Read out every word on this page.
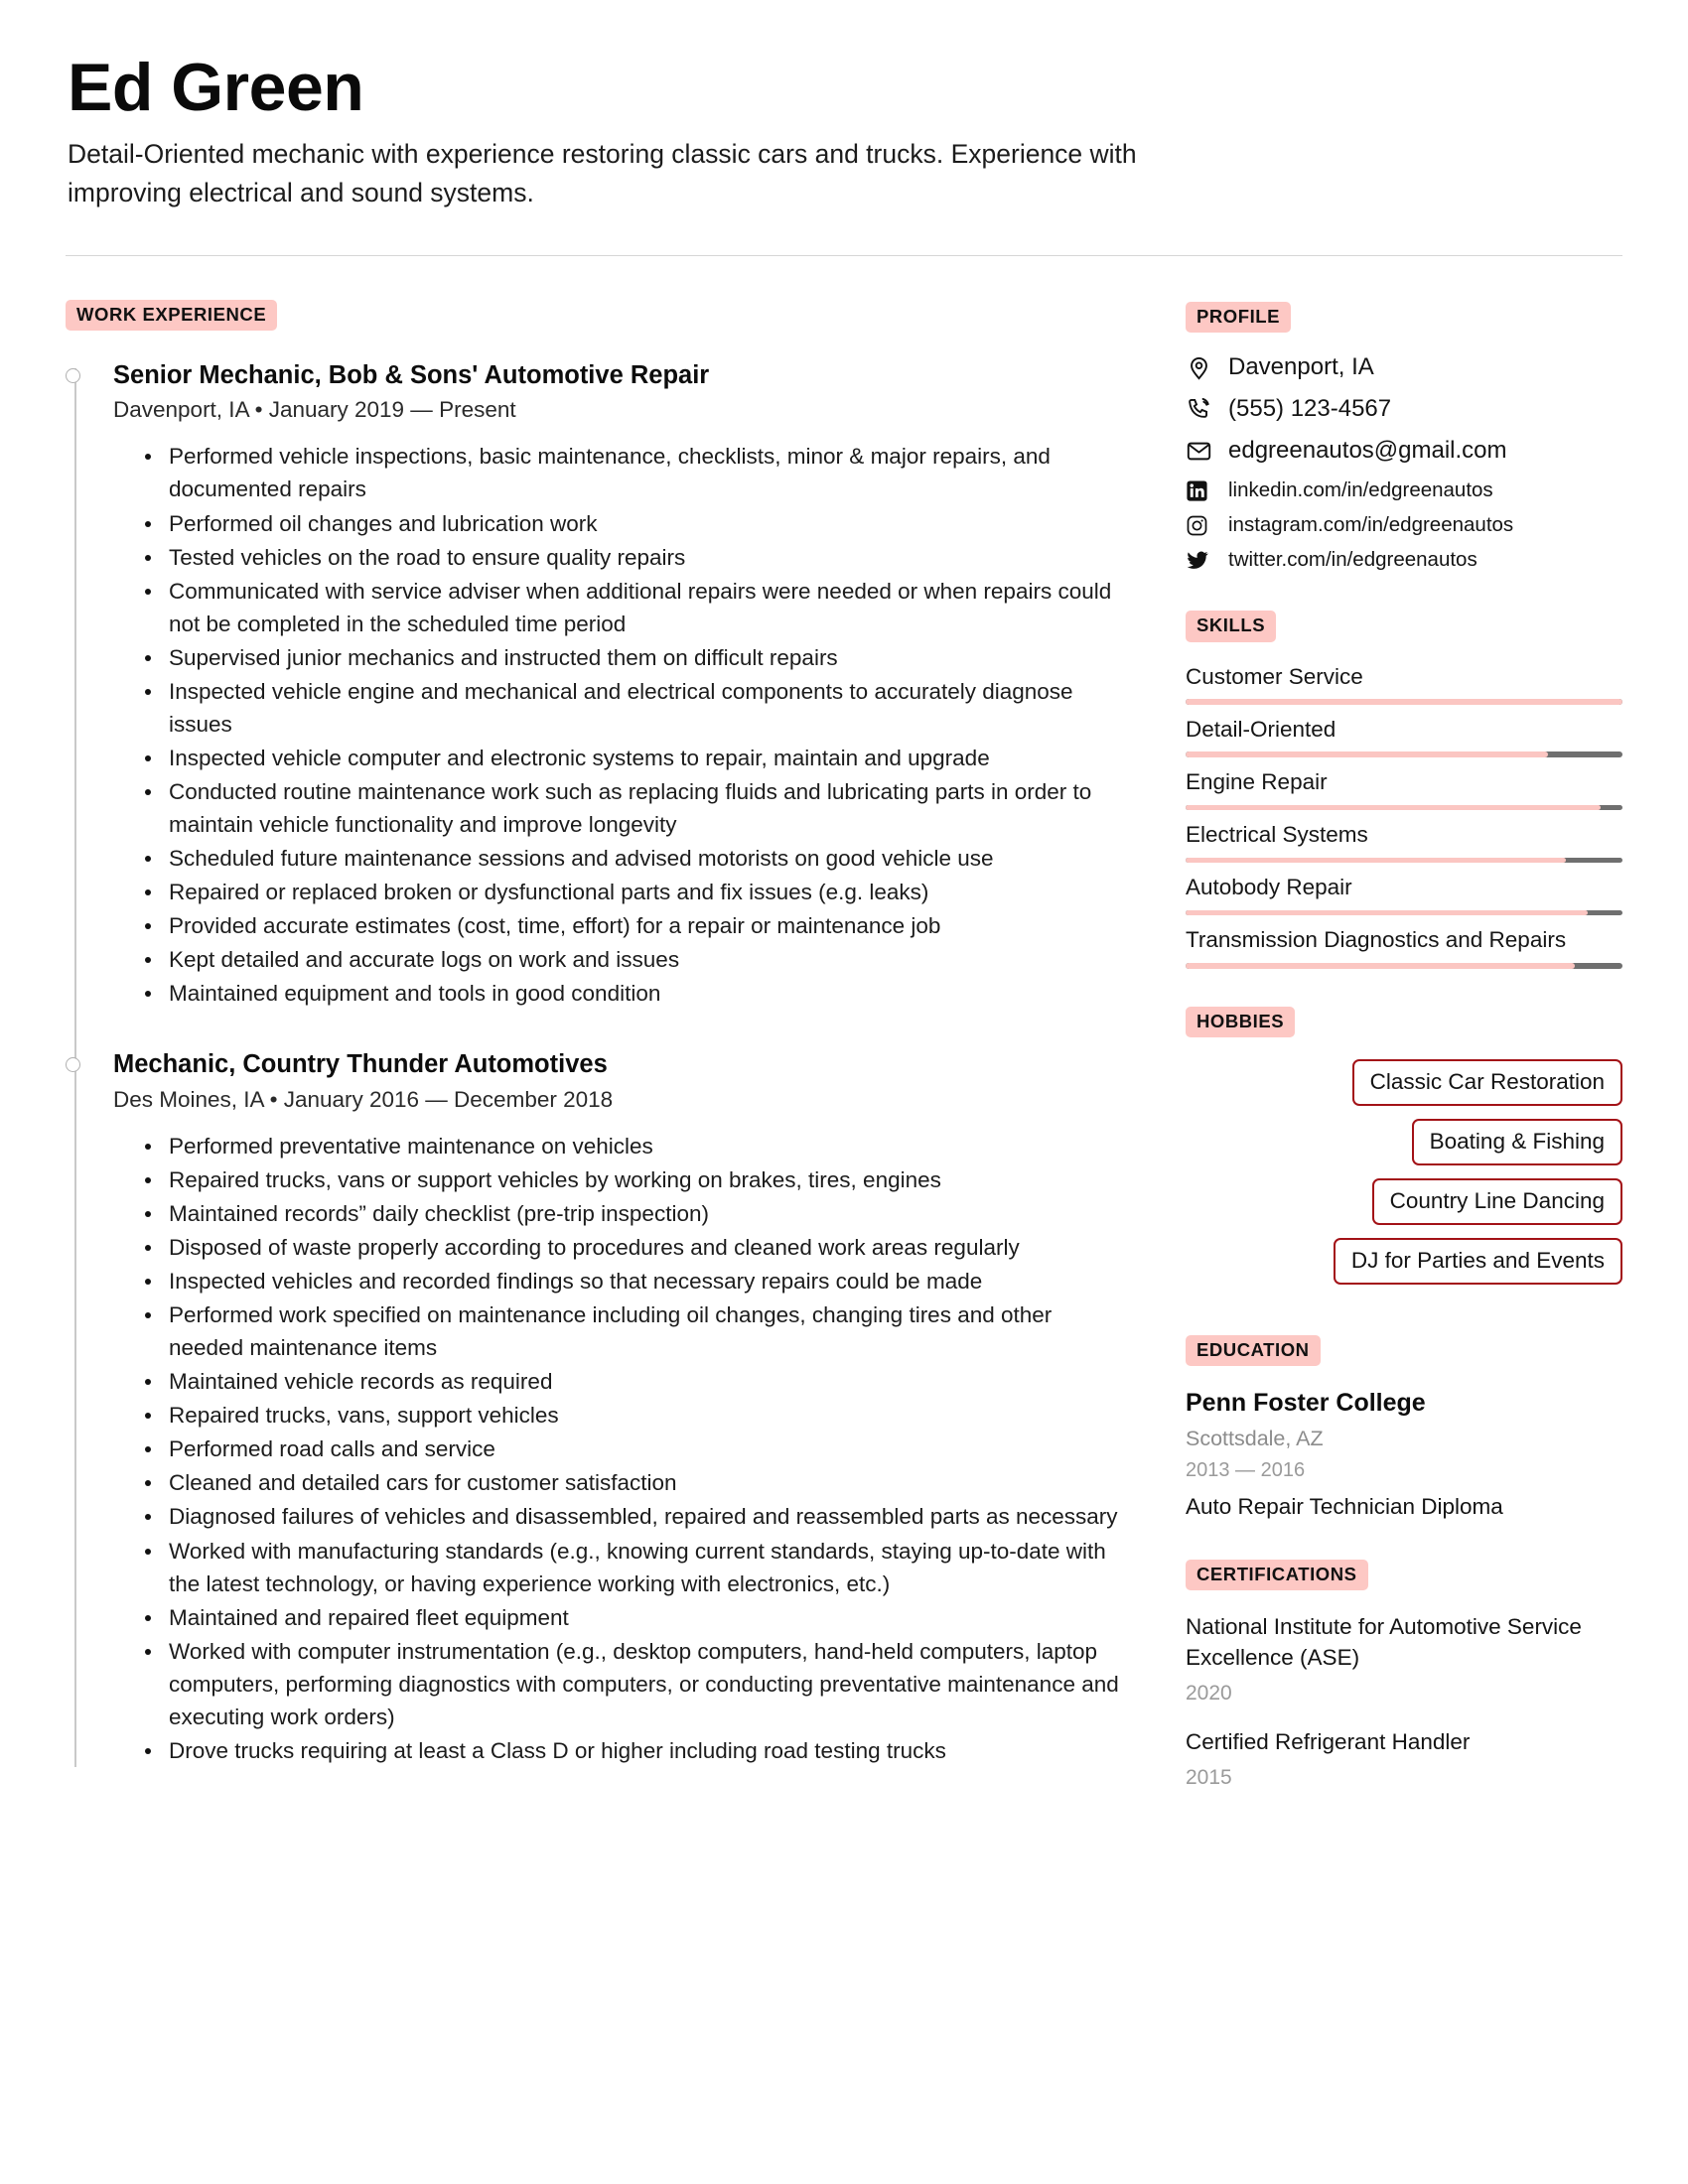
Ed Green

Detail-Oriented mechanic with experience restoring classic cars and trucks. Experience with improving electrical and sound systems.

WORK EXPERIENCE
Senior Mechanic, Bob & Sons' Automotive Repair
Davenport, IA • January 2019 — Present
Performed vehicle inspections, basic maintenance, checklists, minor & major repairs, and documented repairs
Performed oil changes and lubrication work
Tested vehicles on the road to ensure quality repairs
Communicated with service adviser when additional repairs were needed or when repairs could not be completed in the scheduled time period
Supervised junior mechanics and instructed them on difficult repairs
Inspected vehicle engine and mechanical and electrical components to accurately diagnose issues
Inspected vehicle computer and electronic systems to repair, maintain and upgrade
Conducted routine maintenance work such as replacing fluids and lubricating parts in order to maintain vehicle functionality and improve longevity
Scheduled future maintenance sessions and advised motorists on good vehicle use
Repaired or replaced broken or dysfunctional parts and fix issues (e.g. leaks)
Provided accurate estimates (cost, time, effort) for a repair or maintenance job
Kept detailed and accurate logs on work and issues
Maintained equipment and tools in good condition
Mechanic, Country Thunder Automotives
Des Moines, IA • January 2016 — December 2018
Performed preventative maintenance on vehicles
Repaired trucks, vans or support vehicles by working on brakes, tires, engines
Maintained records” daily checklist (pre-trip inspection)
Disposed of waste properly according to procedures and cleaned work areas regularly
Inspected vehicles and recorded findings so that necessary repairs could be made
Performed work specified on maintenance including oil changes, changing tires and other needed maintenance items
Maintained vehicle records as required
Repaired trucks, vans, support vehicles
Performed road calls and service
Cleaned and detailed cars for customer satisfaction
Diagnosed failures of vehicles and disassembled, repaired and reassembled parts as necessary
Worked with manufacturing standards (e.g., knowing current standards, staying up-to-date with the latest technology, or having experience working with electronics, etc.)
Maintained and repaired fleet equipment
Worked with computer instrumentation (e.g., desktop computers, hand-held computers, laptop computers, performing diagnostics with computers, or conducting preventative maintenance and executing work orders)
Drove trucks requiring at least a Class D or higher including road testing trucks
PROFILE
Davenport, IA
(555) 123-4567
edgreenautos@gmail.com
linkedin.com/in/edgreenautos
instagram.com/in/edgreenautos
twitter.com/in/edgreenautos
SKILLS
Customer Service
Detail-Oriented
Engine Repair
Electrical Systems
Autobody Repair
Transmission Diagnostics and Repairs
HOBBIES
Classic Car Restoration
Boating & Fishing
Country Line Dancing
DJ for Parties and Events
EDUCATION
Penn Foster College
Scottsdale, AZ
2013 — 2016
Auto Repair Technician Diploma
CERTIFICATIONS
National Institute for Automotive Service Excellence (ASE)
2020
Certified Refrigerant Handler
2015
